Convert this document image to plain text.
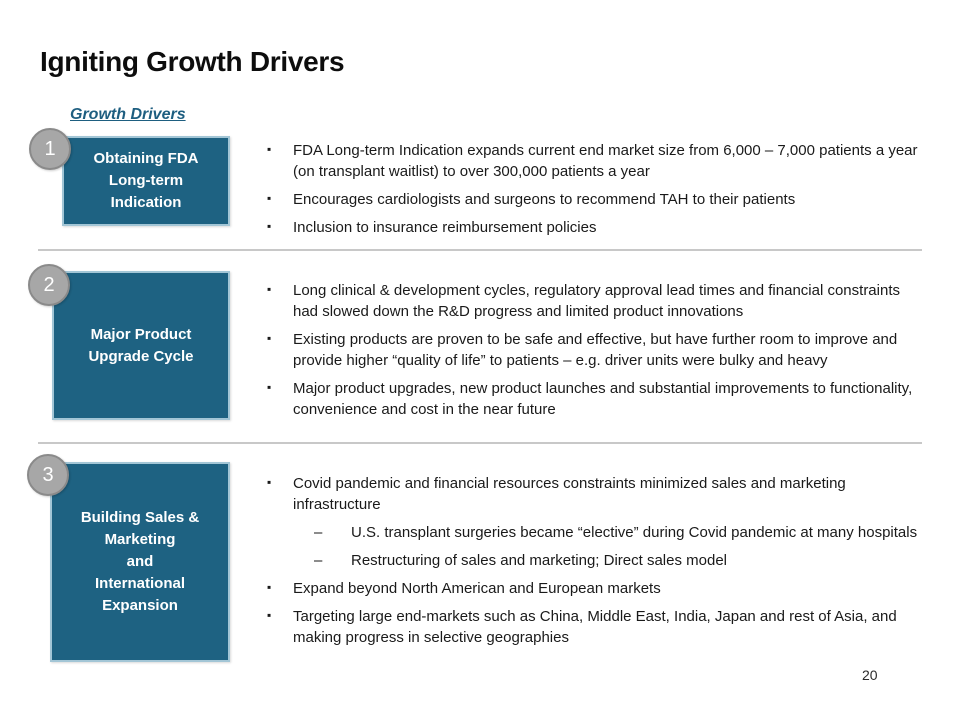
Igniting Growth Drivers
Growth Drivers
1	Obtaining FDA
Long-term
Indication
▪ FDA Long-term Indication expands current end market size from 6,000 – 7,000 patients a year (on transplant waitlist) to over 300,000 patients a year
▪ Encourages cardiologists and surgeons to recommend TAH to their patients
▪ Inclusion to insurance reimbursement policies
2
Major Product
Upgrade Cycle
▪ Long clinical & development cycles, regulatory approval lead times and financial constraints had slowed down the R&D progress and limited product innovations
▪ Existing products are proven to be safe and effective, but have further room to improve and provide higher “quality of life” to patients – e.g. driver units were bulky and heavy
▪ Major product upgrades, new product launches and substantial improvements to functionality, convenience and cost in the near future
3
Building Sales &
Marketing
and
International
Expansion
▪ Covid pandemic and financial resources constraints minimized sales and marketing infrastructure
– U.S. transplant surgeries became “elective” during Covid pandemic at many hospitals
– Restructuring of sales and marketing; Direct sales model
▪ Expand beyond North American and European markets
▪ Targeting large end-markets such as China, Middle East, India, Japan and rest of Asia, and making progress in selective geographies
20
